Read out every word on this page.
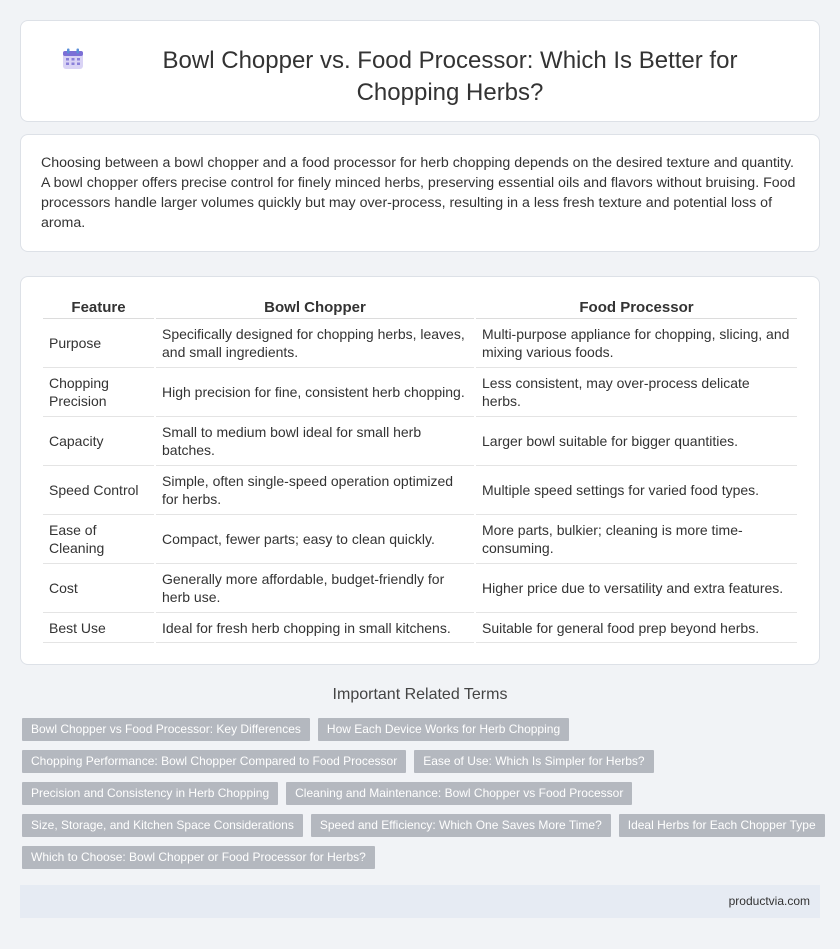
Bowl Chopper vs. Food Processor: Which Is Better for Chopping Herbs?

Choosing between a bowl chopper and a food processor for herb chopping depends on the desired texture and quantity. A bowl chopper offers precise control for finely minced herbs, preserving essential oils and flavors without bruising. Food processors handle larger volumes quickly but may over-process, resulting in a less fresh texture and potential loss of aroma.

Feature	Bowl Chopper	Food Processor
Purpose	Specifically designed for chopping herbs, leaves, and small ingredients.	Multi-purpose appliance for chopping, slicing, and mixing various foods.
Chopping Precision	High precision for fine, consistent herb chopping.	Less consistent, may over-process delicate herbs.
Capacity	Small to medium bowl ideal for small herb batches.	Larger bowl suitable for bigger quantities.
Speed Control	Simple, often single-speed operation optimized for herbs.	Multiple speed settings for varied food types.
Ease of Cleaning	Compact, fewer parts; easy to clean quickly.	More parts, bulkier; cleaning is more time-consuming.
Cost	Generally more affordable, budget-friendly for herb use.	Higher price due to versatility and extra features.
Best Use	Ideal for fresh herb chopping in small kitchens.	Suitable for general food prep beyond herbs.
Important Related Terms
Bowl Chopper vs Food Processor: Key Differences	How Each Device Works for Herb Chopping
Chopping Performance: Bowl Chopper Compared to Food Processor	Ease of Use: Which Is Simpler for Herbs?
Precision and Consistency in Herb Chopping	Cleaning and Maintenance: Bowl Chopper vs Food Processor
Size, Storage, and Kitchen Space Considerations	Speed and Efficiency: Which One Saves More Time?	Ideal Herbs for Each Chopper Type
Which to Choose: Bowl Chopper or Food Processor for Herbs?
productvia.com
